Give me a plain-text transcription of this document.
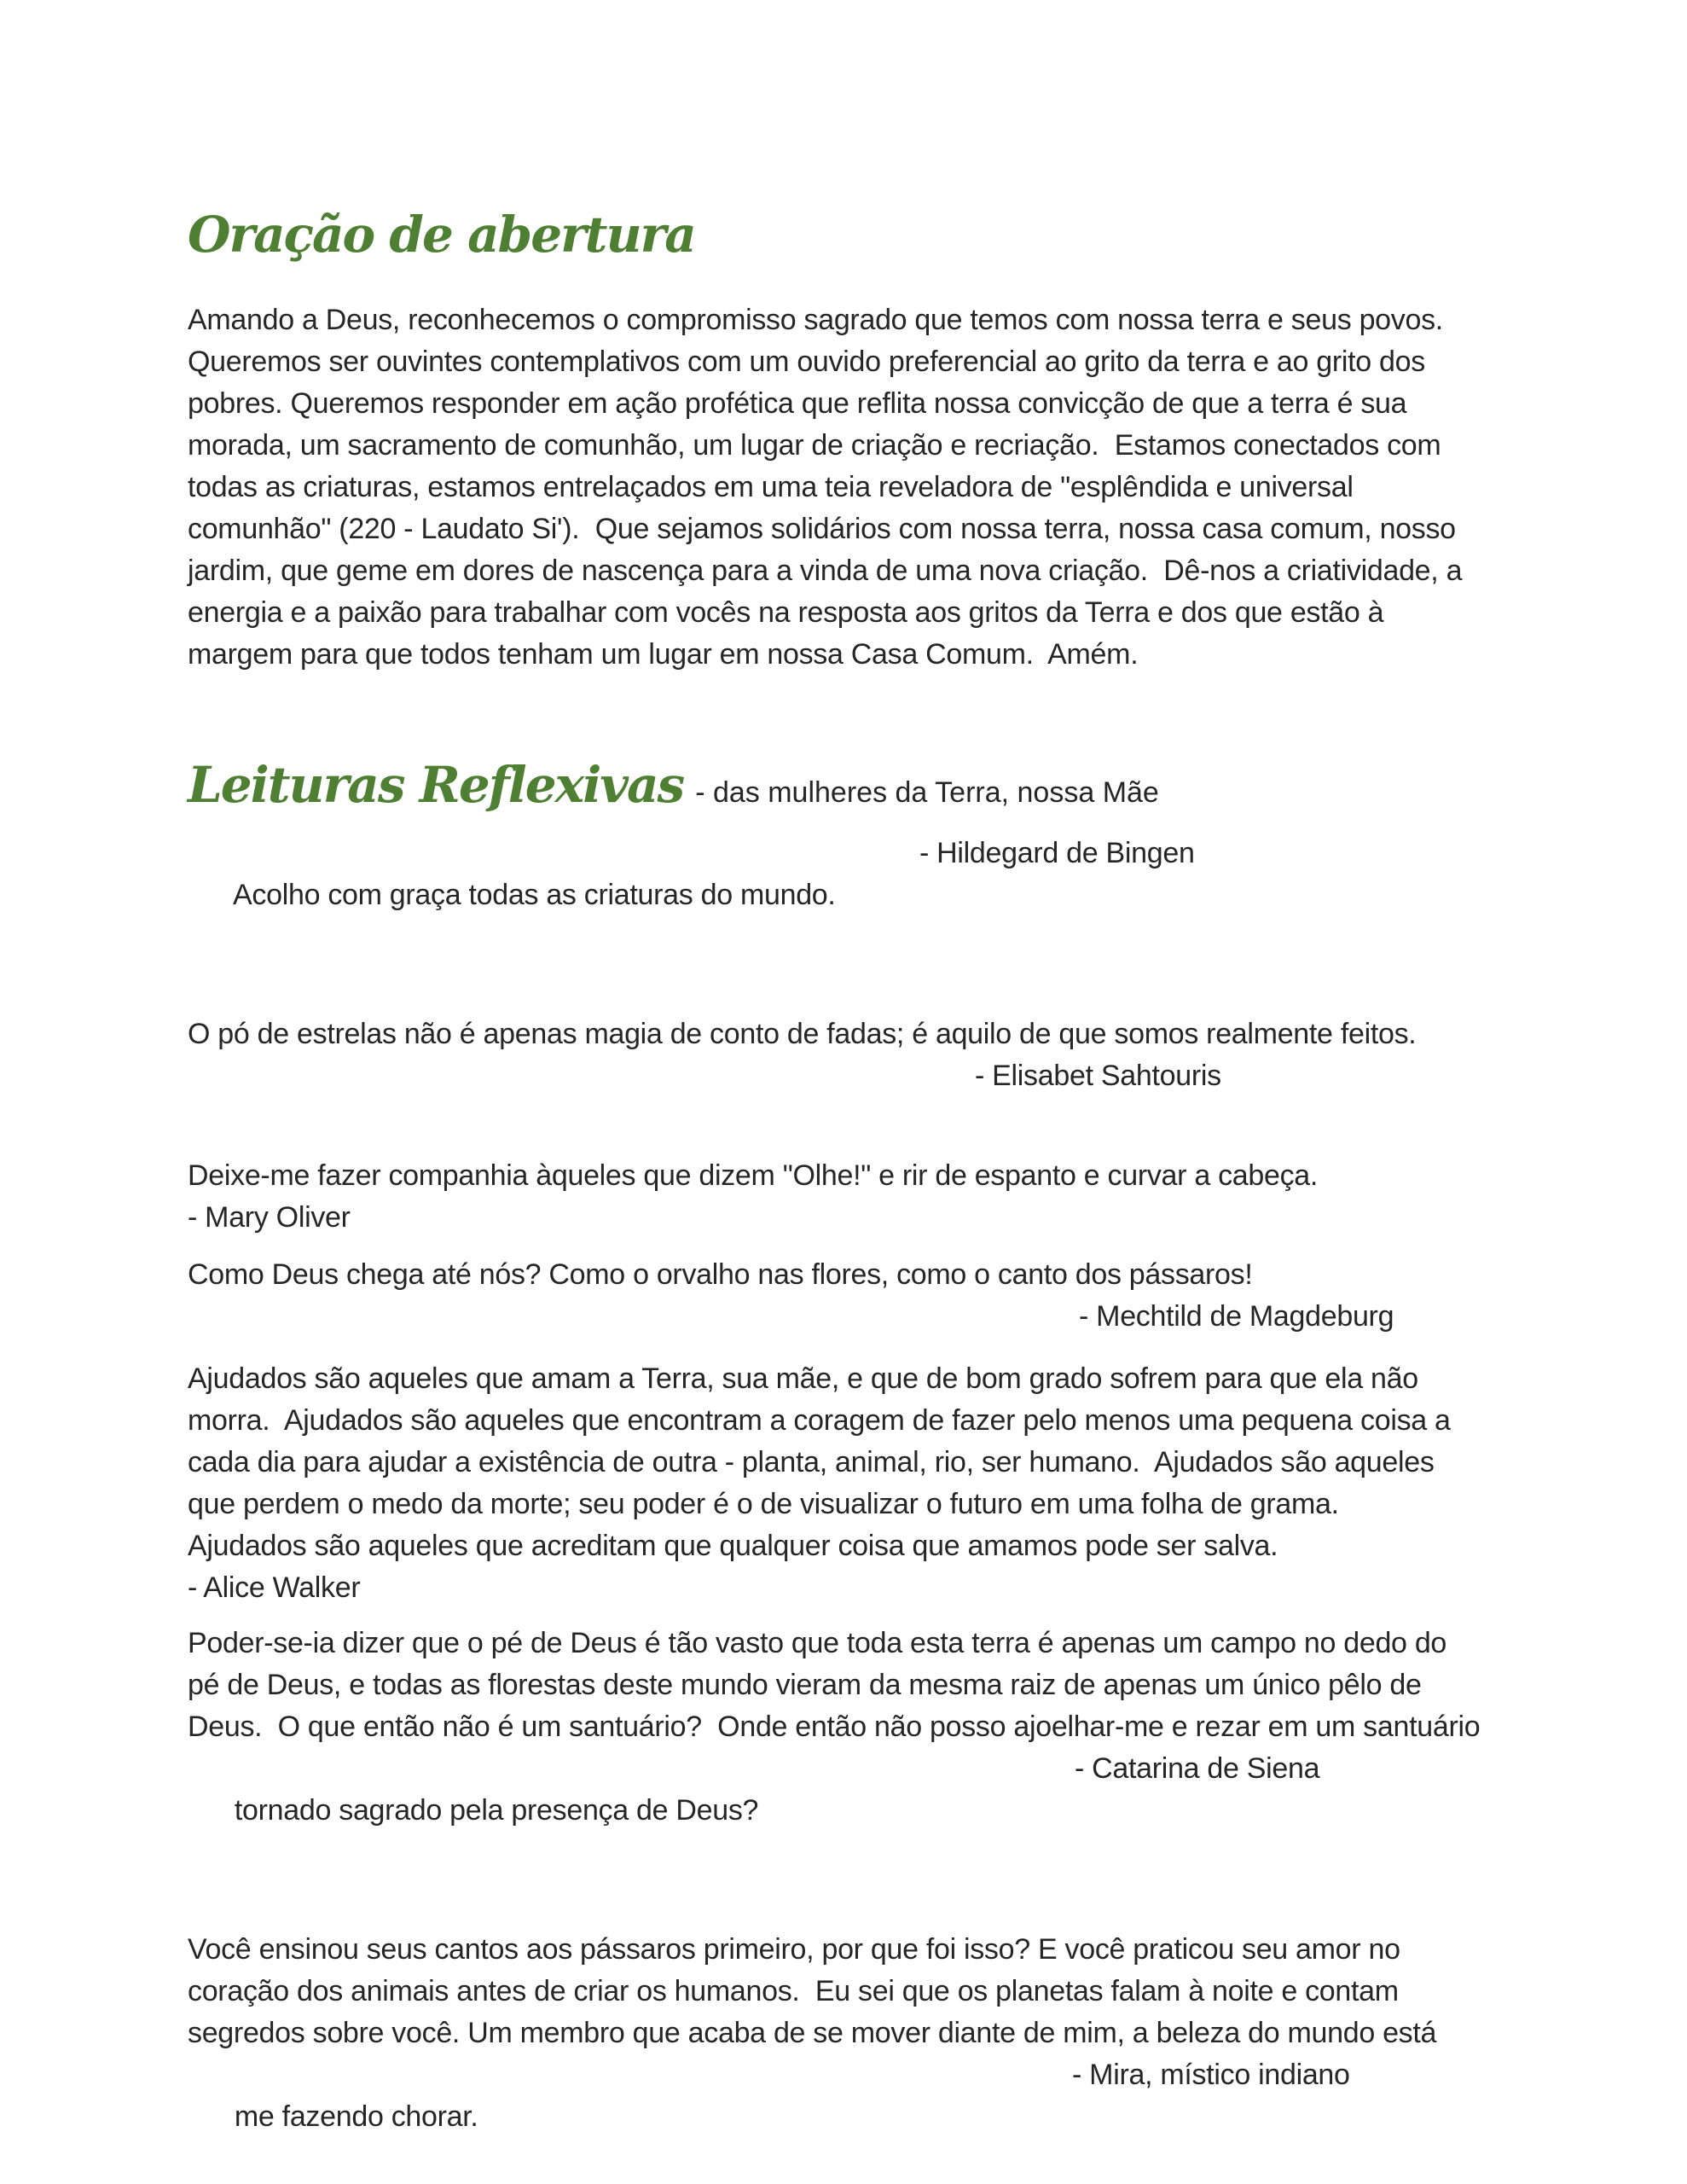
Oração de abertura
Amando a Deus, reconhecemos o compromisso sagrado que temos com nossa terra e seus povos.
Queremos ser ouvintes contemplativos com um ouvido preferencial ao grito da terra e ao grito dos
pobres. Queremos responder em ação profética que reflita nossa convicção de que a terra é sua
morada, um sacramento de comunhão, um lugar de criação e recriação.  Estamos conectados com
todas as criaturas, estamos entrelaçados em uma teia reveladora de "esplêndida e universal
comunhão" (220 - Laudato Si').  Que sejamos solidários com nossa terra, nossa casa comum, nosso
jardim, que geme em dores de nascença para a vinda de uma nova criação.  Dê-nos a criatividade, a
energia e a paixão para trabalhar com vocês na resposta aos gritos da Terra e dos que estão à
margem para que todos tenham um lugar em nossa Casa Comum.  Amém.
Leituras Reflexivas - das mulheres da Terra, nossa Mãe

Acolho com graça todas as criaturas do mundo.

- Hildegard de Bingen

O pó de estrelas não é apenas magia de conto de fadas; é aquilo de que somos realmente feitos.
- Elisabet Sahtouris
Deixe-me fazer companhia àqueles que dizem "Olhe!" e rir de espanto e curvar a cabeça.
- Mary Oliver
Como Deus chega até nós? Como o orvalho nas flores, como o canto dos pássaros!
- Mechtild de Magdeburg
Ajudados são aqueles que amam a Terra, sua mãe, e que de bom grado sofrem para que ela não
morra.  Ajudados são aqueles que encontram a coragem de fazer pelo menos uma pequena coisa a
cada dia para ajudar a existência de outra - planta, animal, rio, ser humano.  Ajudados são aqueles
que perdem o medo da morte; seu poder é o de visualizar o futuro em uma folha de grama.
Ajudados são aqueles que acreditam que qualquer coisa que amamos pode ser salva.
- Alice Walker
Poder-se-ia dizer que o pé de Deus é tão vasto que toda esta terra é apenas um campo no dedo do
pé de Deus, e todas as florestas deste mundo vieram da mesma raiz de apenas um único pêlo de
Deus.  O que então não é um santuário?  Onde então não posso ajoelhar-me e rezar em um santuário

tornado sagrado pela presença de Deus?

- Catarina de Siena

Você ensinou seus cantos aos pássaros primeiro, por que foi isso? E você praticou seu amor no
coração dos animais antes de criar os humanos.  Eu sei que os planetas falam à noite e contam
segredos sobre você. Um membro que acaba de se mover diante de mim, a beleza do mundo está

me fazendo chorar.

- Mira, místico indiano
